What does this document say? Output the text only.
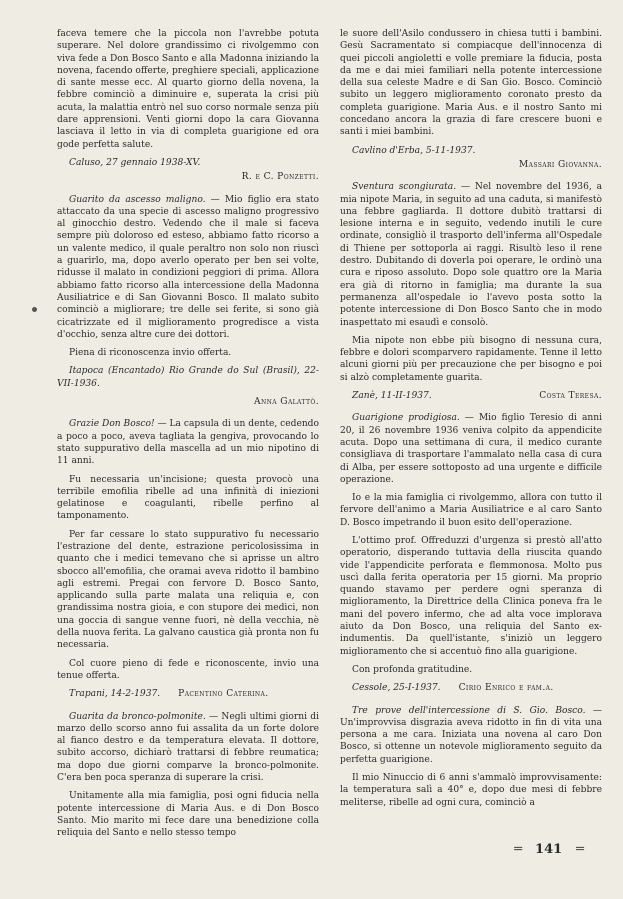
faceva temere che la piccola non l'avrebbe potuta superare. Nel dolore grandissimo ci rivolgemmo con viva fede a Don Bosco Santo e alla Madonna iniziando la novena, facendo offerte, preghiere speciali, applicazione di sante messe ecc. Al quarto giorno della novena, la febbre cominciò a diminuire e, superata la crisi più acuta, la malattia entrò nel suo corso normale senza più dare apprensioni. Venti giorni dopo la cara Giovanna lasciava il letto in via di completa guarigione ed ora gode perfetta salute.

Caluso, 27 gennaio 1938-XV.
R. e C. Ponzetti.

Guarito da ascesso maligno. — Mio figlio era stato attaccato da una specie di ascesso maligno progressivo al ginocchio destro. Vedendo che il male si faceva sempre più doloroso ed esteso, abbiamo fatto ricorso a un valente medico, il quale peraltro non solo non riuscì a guarirlo, ma, dopo averlo operato per ben sei volte, ridusse il malato in condizioni peggiori di prima. Allora abbiamo fatto ricorso alla intercessione della Madonna Ausiliatrice e di San Giovanni Bosco. Il malato subito cominciò a migliorare; tre delle sei ferite, si sono già cicatrizzate ed il miglioramento progredisce a vista d'occhio, senza altre cure dei dottori.

Piena di riconoscenza invio offerta.

Itapoca (Encantado) Rio Grande do Sul (Brasil), 22-VII-1936.

Anna Galattò.

Grazie Don Bosco! — La capsula di un dente, cedendo a poco a poco, aveva tagliata la gengiva, provocando lo stato suppurativo della mascella ad un mio nipotino di 11 anni.

Fu necessaria un'incisione; questa provocò una terribile emofilia ribelle ad una infinità di iniezioni gelatinose e coagulanti, ribelle perfino al tamponamento.

Per far cessare lo stato suppurativo fu necessario l'estrazione del dente, estrazione pericolosissima in quanto che i medici temevano che si aprisse un altro sbocco all'emofilia, che oramai aveva ridotto il bambino agli estremi. Pregai con fervore D. Bosco Santo, applicando sulla parte malata una reliquia e, con grandissima nostra gioia, e con stupore dei medici, non una goccia di sangue venne fuori, nè della vecchia, nè della nuova ferita. La galvano caustica già pronta non fu necessaria.

Col cuore pieno di fede e riconoscente, invio una tenue offerta.

Trapani, 14-2-1937. Pacentino Caterina.

Guarita da bronco-polmonite. — Negli ultimi giorni di marzo dello scorso anno fui assalita da un forte dolore al fianco destro e da temperatura elevata. Il dottore, subito accorso, dichiarò trattarsi di febbre reumatica; ma dopo due giorni comparve la bronco-polmonite. C'era ben poca speranza di superare la crisi.

Unitamente alla mia famiglia, posi ogni fiducia nella potente intercessione di Maria Aus. e di Don Bosco Santo. Mio marito mi fece dare una benedizione colla reliquia del Santo e nello stesso tempo

le suore dell'Asilo condussero in chiesa tutti i bambini. Gesù Sacramentato si compiacque dell'innocenza di quei piccoli angioletti e volle premiare la fiducia, posta da me e dai miei familiari nella potente intercessione della sua celeste Madre e di San Gio. Bosco. Cominciò subito un leggero miglioramento coronato presto da completa guarigione. Maria Aus. e il nostro Santo mi concedano ancora la grazia di fare crescere buoni e santi i miei bambini.

Cavlino d'Erba, 5-11-1937.
Massari Giovanna.

Sventura scongiurata. — Nel novembre del 1936, a mia nipote Maria, in seguito ad una caduta, si manifestò una febbre gagliarda. Il dottore dubitò trattarsi di lesione interna e in seguito, vedendo inutili le cure ordinate, consigliò il trasporto dell'inferma all'Ospedale di Thiene per sottoporla ai raggi. Risultò leso il rene destro. Dubitando di doverla poi operare, le ordinò una cura e riposo assoluto. Dopo sole quattro ore la Maria era già di ritorno in famiglia; ma durante la sua permanenza all'ospedale io l'avevo posta sotto la potente intercessione di Don Bosco Santo che in modo inaspettato mi esaudì e consolò.

Mia nipote non ebbe più bisogno di nessuna cura, febbre e dolori scomparvero rapidamente. Tenne il letto alcuni giorni più per precauzione che per bisogno e poi si alzò completamente guarita.

Zanè, 11-II-1937.	Costa Teresa.

Guarigione prodigiosa. — Mio figlio Teresio di anni 20, il 26 novembre 1936 veniva colpito da appendicite acuta. Dopo una settimana di cura, il medico curante consigliava di trasportare l'ammalato nella casa di cura di Alba, per essere sottoposto ad una urgente e difficile operazione.

Io e la mia famiglia ci rivolgemmo, allora con tutto il fervore dell'animo a Maria Ausiliatrice e al caro Santo D. Bosco impetrando il buon esito dell'operazione.

L'ottimo prof. Offreduzzi d'urgenza si prestò all'atto operatorio, disperando tuttavia della riuscita quando vide l'appendicite perforata e flemmonosa. Molto pus uscì dalla ferita operatoria per 15 giorni. Ma proprio quando stavamo per perdere ogni speranza di miglioramento, la Direttrice della Clinica poneva fra le mani del povero infermo, che ad alta voce implorava aiuto da Don Bosco, una reliquia del Santo ex-indumentis. Da quell'istante, s'iniziò un leggero miglioramento che si accentuò fino alla guarigione.

Con profonda gratitudine.

Cessole, 25-I-1937. Cirio Enrico e fam.a.

Tre prove dell'intercessione di S. Gio. Bosco. — Un'improvvisa disgrazia aveva ridotto in fin di vita una persona a me cara. Iniziata una novena al caro Don Bosco, si ottenne un notevole miglioramento seguito da perfetta guarigione.

Il mio Ninuccio di 6 anni s'ammalò improvvisamente: la temperatura salì a 40° e, dopo due mesi di febbre meliterse, ribelle ad ogni cura, cominciò a

═ 141 ═
